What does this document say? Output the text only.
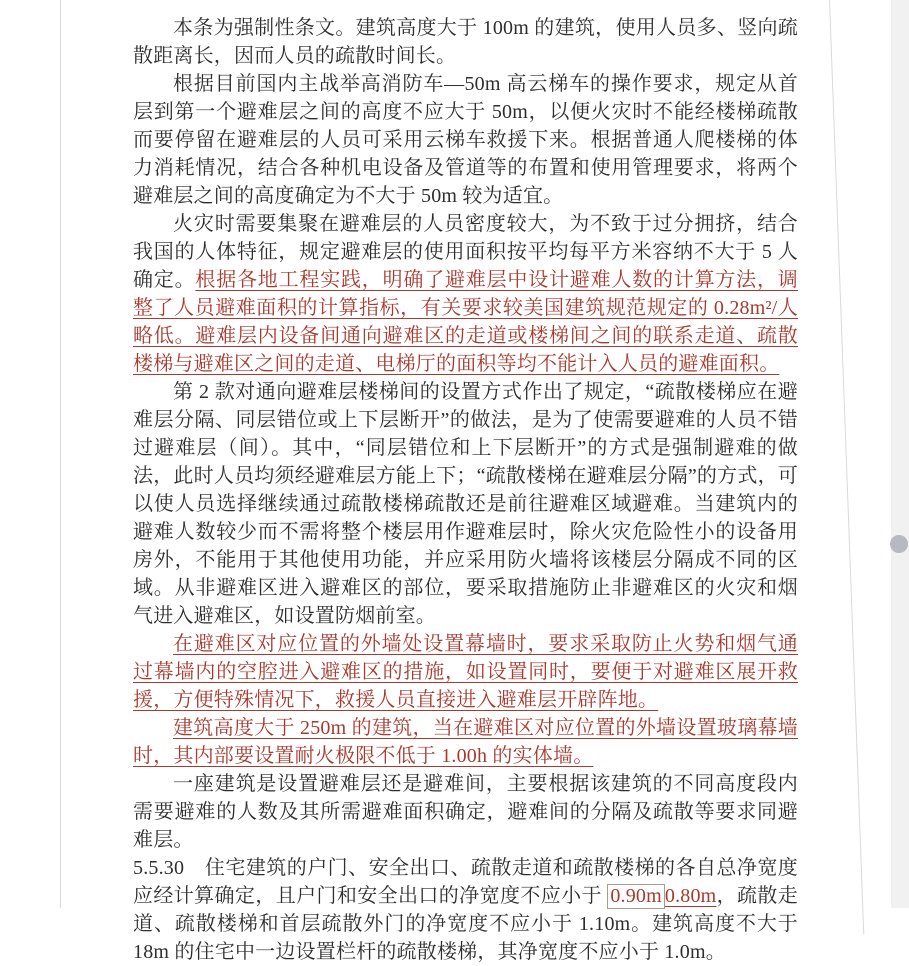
本条为强制性条文。建筑高度大于 100m 的建筑，使用人员多、竖向疏散距离长，因而人员的疏散时间长。

根据目前国内主战举高消防车—50m 高云梯车的操作要求，规定从首层到第一个避难层之间的高度不应大于 50m，以便火灾时不能经楼梯疏散而要停留在避难层的人员可采用云梯车救援下来。根据普通人爬楼梯的体力消耗情况，结合各种机电设备及管道等的布置和使用管理要求，将两个避难层之间的高度确定为不大于 50m 较为适宜。

火灾时需要集聚在避难层的人员密度较大，为不致于过分拥挤，结合我国的人体特征，规定避难层的使用面积按平均每平方米容纳不大于 5 人确定。根据各地工程实践，明确了避难层中设计避难人数的计算方法，调整了人员避难面积的计算指标，有关要求较美国建筑规范规定的 0.28m²/人略低。避难层内设备间通向避难区的走道或楼梯间之间的联系走道、疏散楼梯与避难区之间的走道、电梯厅的面积等均不能计入人员的避难面积。

第 2 款对通向避难层楼梯间的设置方式作出了规定，“疏散楼梯应在避难层分隔、同层错位或上下层断开”的做法，是为了使需要避难的人员不错过避难层（间）。其中，“同层错位和上下层断开”的方式是强制避难的做法，此时人员均须经避难层方能上下；“疏散楼梯在避难层分隔”的方式，可以使人员选择继续通过疏散楼梯疏散还是前往避难区域避难。当建筑内的避难人数较少而不需将整个楼层用作避难层时，除火灾危险性小的设备用房外，不能用于其他使用功能，并应采用防火墙将该楼层分隔成不同的区域。从非避难区进入避难区的部位，要采取措施防止非避难区的火灾和烟气进入避难区，如设置防烟前室。

在避难区对应位置的外墙处设置幕墙时，要求采取防止火势和烟气通过幕墙内的空腔进入避难区的措施，如设置同时，要便于对避难区展开救援，方便特殊情况下，救援人员直接进入避难层开辟阵地。

建筑高度大于 250m 的建筑，当在避难区对应位置的外墙设置玻璃幕墙时，其内部要设置耐火极限不低于 1.00h 的实体墙。

一座建筑是设置避难层还是避难间，主要根据该建筑的不同高度段内需要避难的人数及其所需避难面积确定，避难间的分隔及疏散等要求同避难层。

5.5.30　住宅建筑的户门、安全出口、疏散走道和疏散楼梯的各自总净宽度应经计算确定，且户门和安全出口的净宽度不应小于 0.90m 0.80m，疏散走道、疏散楼梯和首层疏散外门的净宽度不应小于 1.10m。建筑高度不大于 18m 的住宅中一边设置栏杆的疏散楼梯，其净宽度不应小于 1.0m。
